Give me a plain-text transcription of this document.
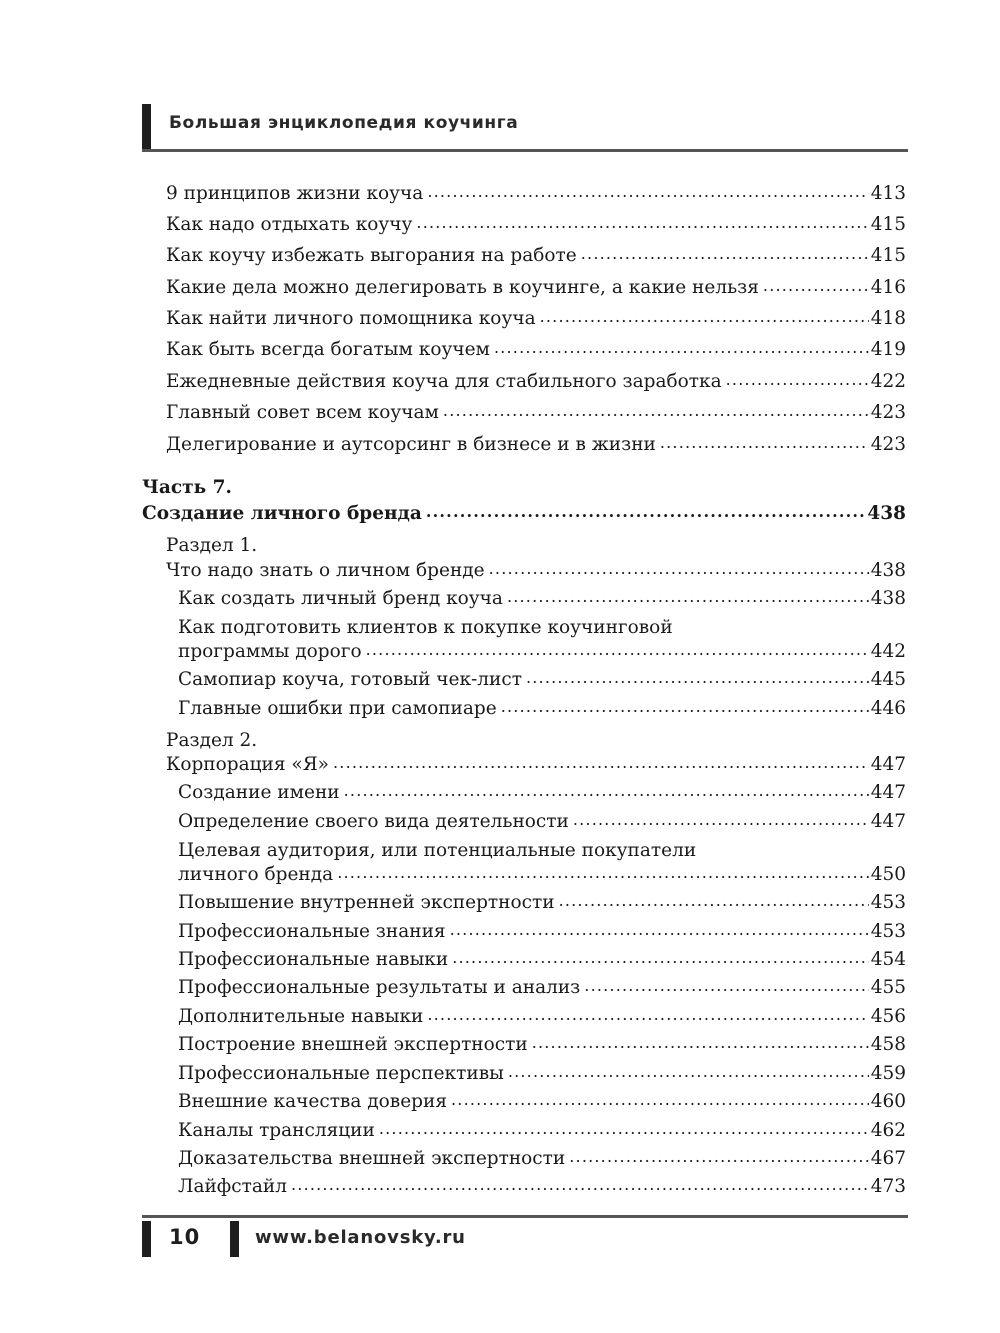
Большая энциклопедия коучинга
9 принципов жизни коуча .....	413
Как надо отдыхать коучу .....	415
Как коучу избежать выгорания на работе .....	415
Какие дела можно делегировать в коучинге, а какие нельзя .....	416
Как найти личного помощника коуча .....	418
Как быть всегда богатым коучем .....	419
Ежедневные действия коуча для стабильного заработка .....	422
Главный совет всем коучам .....	423
Делегирование и аутсорсинг в бизнесе и в жизни .....	423
Часть 7.
Создание личного бренда .....	438
Раздел 1.
Что надо знать о личном бренде .....	438
Как создать личный бренд коуча .....	438
Как подготовить клиентов к покупке коучинговой
программы дорого .....	442
Самопиар коуча, готовый чек-лист .....	445
Главные ошибки при самопиаре .....	446
Раздел 2.
Корпорация «Я» .....	447
Создание имени .....	447
Определение своего вида деятельности .....	447
Целевая аудитория, или потенциальные покупатели
личного бренда .....	450
Повышение внутренней экспертности .....	453
Профессиональные знания .....	453
Профессиональные навыки .....	454
Профессиональные результаты и анализ .....	455
Дополнительные навыки .....	456
Построение внешней экспертности .....	458
Профессиональные перспективы .....	459
Внешние качества доверия .....	460
Каналы трансляции .....	462
Доказательства внешней экспертности .....	467
Лайфстайл .....	473
10	www.belanovsky.ru
